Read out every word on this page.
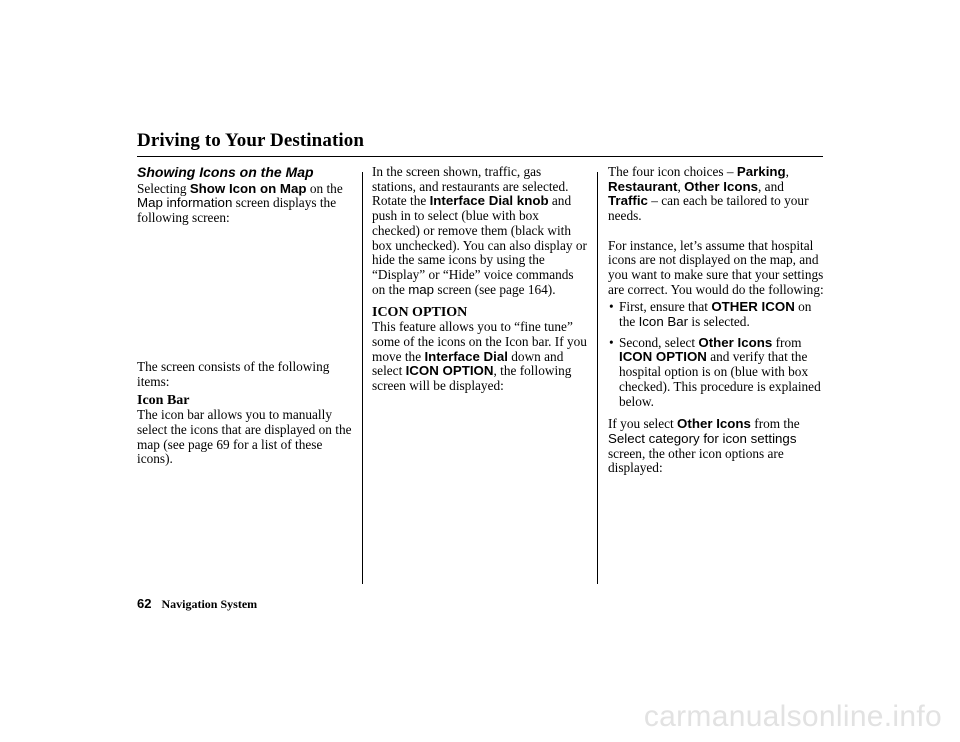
Driving to Your Destination
Showing Icons on the Map

Selecting Show Icon on Map on the Map information screen displays the following screen:

The screen consists of the following items:

Icon Bar

The icon bar allows you to manually select the icons that are displayed on the map (see page 69 for a list of these icons).

In the screen shown, traffic, gas stations, and restaurants are selected. Rotate the Interface Dial knob and push in to select (blue with box checked) or remove them (black with box unchecked). You can also display or hide the same icons by using the “Display” or “Hide” voice commands on the map screen (see page 164).

ICON OPTION

This feature allows you to “fine tune” some of the icons on the Icon bar. If you move the Interface Dial down and select ICON OPTION, the following screen will be displayed:

The four icon choices – Parking, Restaurant, Other Icons, and Traffic – can each be tailored to your needs.

For instance, let’s assume that hospital icons are not displayed on the map, and you want to make sure that your settings are correct. You would do the following:

• First, ensure that OTHER ICON on the Icon Bar is selected.
• Second, select Other Icons from ICON OPTION and verify that the hospital option is on (blue with box checked). This procedure is explained below.

If you select Other Icons from the Select category for icon settings screen, the other icon options are displayed:

62 Navigation System
carmanualsonline.info
